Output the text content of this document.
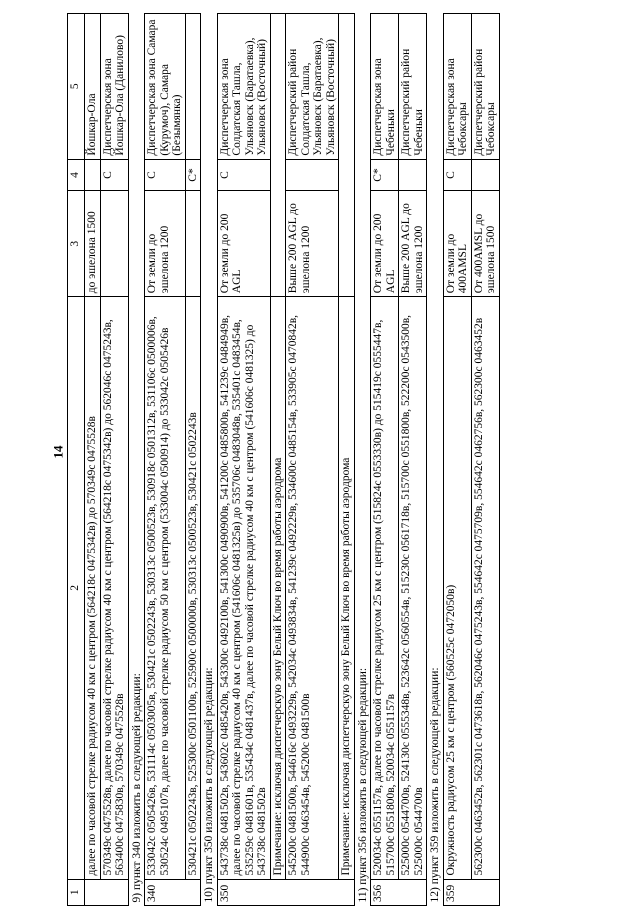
14
1	2	3	4	5
	далее по часовой стрелке радиусом 40 км с центром (564218с 0475342в) до 570349с 0475528в	до эшелона 1500		Йошкар-Ола
	570349с 0475528в, далее по часовой стрелке радиусом 40 км с центром (564218с 0475342в) до 562046с 0475243в, 563400с 0475830в, 570349с 0475528в		С	Диспетчерская зона Йошкар-Ола (Данилово)
9) пункт 340 изложить в следующей редакции:				
340	533042с 0505426в, 531114с 0503005в, 530421с 0502243в, 530313с 0500523в, 530918с 0501312в, 531106с 0500006в, 530524с 0495107в, далее по часовой стрелке радиусом 50 км с центром (533004с 0500914) до 533042с 0505426в	От земли до эшелона 1200	С	Диспетчерская зона Самара (Курумоч), Самара (Безымянка)
	530421с 0502243в, 525300с 0501100в, 525900с 0500000в, 530313с 0500523в, 530421с 0502243в		С*	
10) пункт 350 изложить в следующей редакции:				
350	543738с 0481502в, 543602с 0485420в, 543300с 0492100в, 541300с 0490900в, 541200с 0485800в, 541239с 0484949в, далее по часовой стрелке радиусом 40 км с центром (541606с 0481325в) до 535706с 0483048в, 535401с 0483454в, 535259с 0481601в, 535434с 0481437в, далее по часовой стрелке радиусом 40 км с центром (541606с 0481325) до 543738с 0481502в	От земли до 200 AGL	С	Диспетчерская зона Солдатская Ташла, Ульяновск (Баратаевка), Ульяновск (Восточный)
	Примечание: исключая диспетчерскую зону Белый Ключ во время работы аэродрома			
	545200с 0481500в, 544616с 0493229в, 542034с 0493834в, 541239с 0492229в, 534600с 0485154в, 533905с 0470842в, 544900с 0463454в, 545200с 0481500в	Выше 200 AGL до эшелона 1200		Диспетчерский район Солдатская Ташла, Ульяновск (Баратаевка), Ульяновск (Восточный)
	Примечание: исключая диспетчерскую зону Белый Ключ во время работы аэродрома			
11) пункт 356 изложить в следующей редакции:				
356	520034с 0551157в, далее по часовой стрелке радиусом 25 км с центром (515824с 0553330в) до 515419с 0555447в, 515700с 0551800в, 520034с 0551157в	От земли до 200 AGL	С*	Диспетчерская зона Чебеньки
	525000с 0544700в, 524130с 0555348в, 523642с 0560554в, 515230с 0561718в, 515700с 0551800в, 522200с 0543500в, 525000с 0544700в	Выше 200 AGL до эшелона 1200		Диспетчерский район Чебеньки
12) пункт 359 изложить в следующей редакции:				
359	Окружность радиусом 25 км с центром (560525с 0472050в)	От земли до 400AMSL	С	Диспетчерская зона Чебоксары
	562300с 0463452в, 562301с 0473618в, 562046с 0475243в, 554642с 0475709в, 554642с 0462756в, 562300с 0463452в	От 400AMSL до эшелона 1500		Диспетчерский район Чебоксары
